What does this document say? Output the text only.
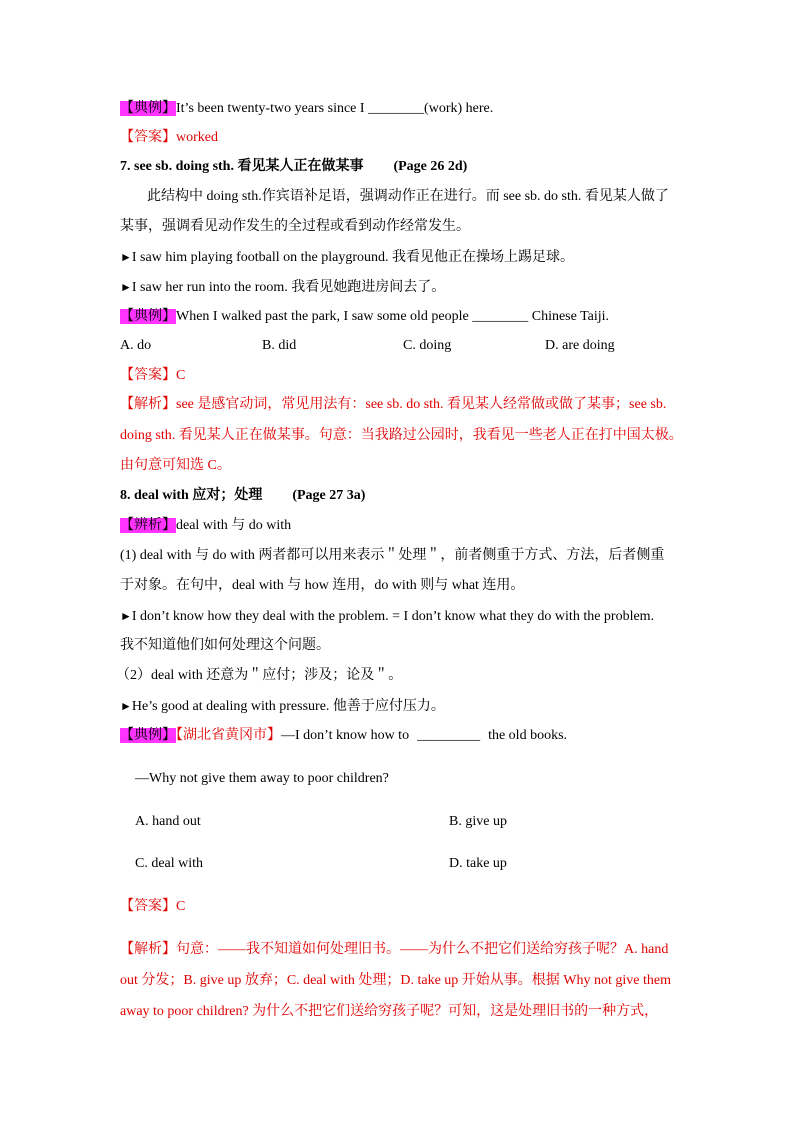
【典例】It’s been twenty-two years since I ________(work) here.
【答案】worked
7. see sb. doing sth. 看见某人正在做某事 (Page 26 2d)
此结构中 doing sth.作宾语补足语，强调动作正在进行。而 see sb. do sth. 看见某人做了
某事，强调看见动作发生的全过程或看到动作经常发生。
►I saw him playing football on the playground. 我看见他正在操场上踢足球。
►I saw her run into the room. 我看见她跑进房间去了。
【典例】When I walked past the park, I saw some old people ________ Chinese Taiji.
A. do	B. did	C. doing	D. are doing
【答案】C
【解析】see 是感官动词，常见用法有：see sb. do sth. 看见某人经常做或做了某事；see sb.
doing sth. 看见某人正在做某事。句意：当我路过公园时，我看见一些老人正在打中国太极。
由句意可知选 C。
8. deal with 应对；处理 (Page 27 3a)
【辨析】deal with 与 do with
(1) deal with 与 do with 两者都可以用来表示＂处理＂，前者侧重于方式、方法，后者侧重
于对象。在句中，deal with 与 how 连用，do with 则与 what 连用。
►I don’t know how they deal with the problem. = I don’t know what they do with the problem.
我不知道他们如何处理这个问题。
（2）deal with 还意为＂应付；涉及；论及＂。
►He’s good at dealing with pressure. 他善于应付压力。
【典例】【湖北省黄冈市】—I don’t know how to _________ the old books.
—Why not give them away to poor children?
A. hand out	B. give up
C. deal with	D. take up
【答案】C
【解析】句意：——我不知道如何处理旧书。——为什么不把它们送给穷孩子呢？A. hand
out 分发；B. give up 放弃；C. deal with 处理；D. take up 开始从事。根据 Why not give them
away to poor children? 为什么不把它们送给穷孩子呢？可知，这是处理旧书的一种方式，
